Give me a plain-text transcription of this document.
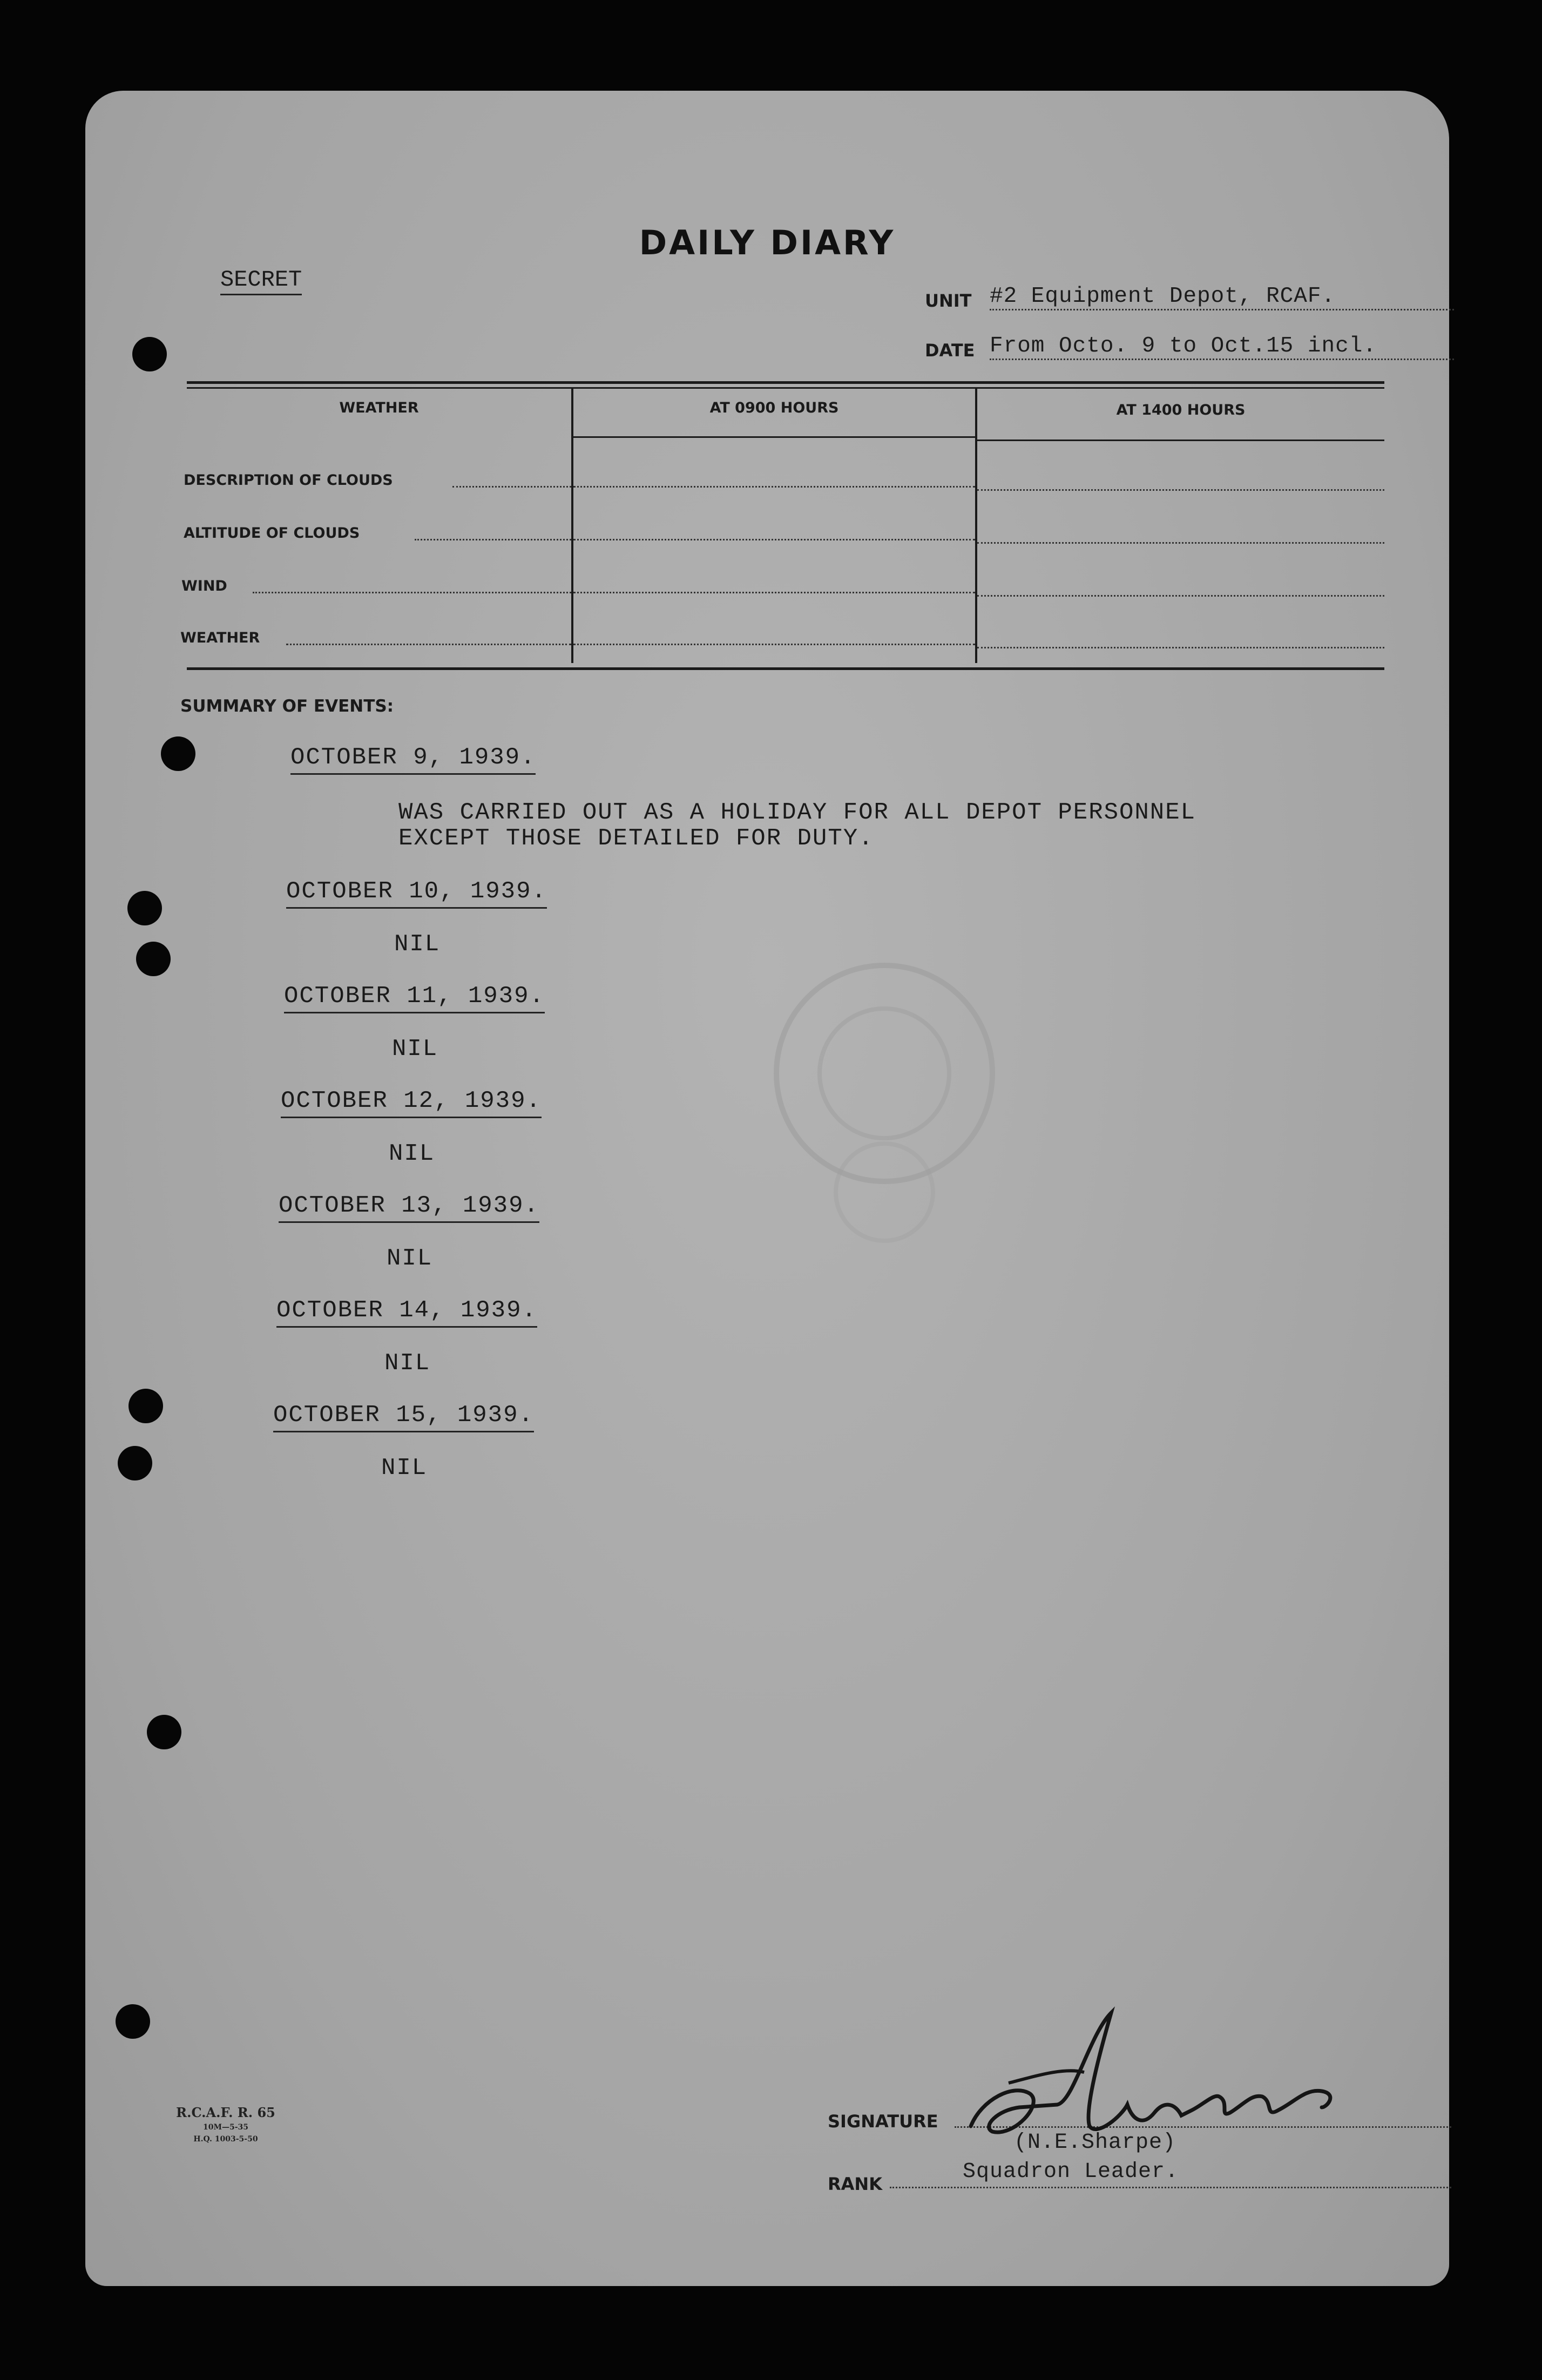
DAILY DIARY
SECRET
UNIT #2 Equipment Depot, RCAF.
DATE From Octo. 9 to Oct.15 incl.
WEATHER	AT 0900 HOURS	AT 1400 HOURS
DESCRIPTION OF CLOUDS
ALTITUDE OF CLOUDS
WIND
WEATHER
SUMMARY OF EVENTS:
OCTOBER 9, 1939.
WAS CARRIED OUT AS A HOLIDAY FOR ALL DEPOT PERSONNEL
EXCEPT THOSE DETAILED FOR DUTY.
OCTOBER 10, 1939.
NIL
OCTOBER 11, 1939.
NIL
OCTOBER 12, 1939.
NIL
OCTOBER 13, 1939.
NIL
OCTOBER 14, 1939.
NIL
OCTOBER 15, 1939.
NIL
R.C.A.F. R. 65
10M—5-35
H.Q. 1003-5-50
SIGNATURE
(N.E.Sharpe)
RANK	Squadron Leader.
